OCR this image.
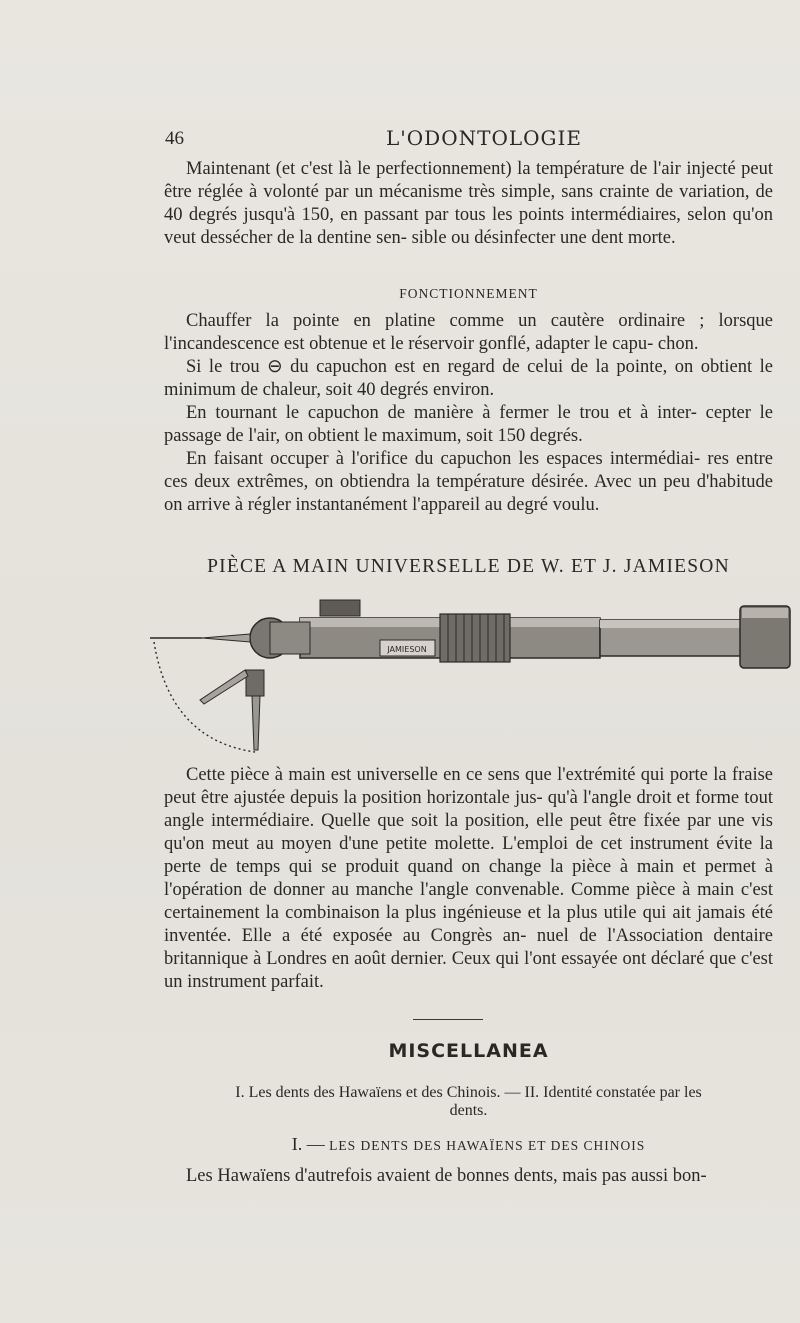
46	L'ODONTOLOGIE

Maintenant (et c'est là le perfectionnement) la température de l'air injecté peut être réglée à volonté par un mécanisme très simple, sans crainte de variation, de 40 degrés jusqu'à 150, en passant par tous les points intermédiaires, selon qu'on veut dessécher de la dentine sen- sible ou désinfecter une dent morte.

FONCTIONNEMENT

Chauffer la pointe en platine comme un cautère ordinaire ; lorsque l'incandescence est obtenue et le réservoir gonflé, adapter le capu- chon.

Si le trou ⊖ du capuchon est en regard de celui de la pointe, on obtient le minimum de chaleur, soit 40 degrés environ.

En tournant le capuchon de manière à fermer le trou et à inter- cepter le passage de l'air, on obtient le maximum, soit 150 degrés.

En faisant occuper à l'orifice du capuchon les espaces intermédiai- res entre ces deux extrêmes, on obtiendra la température désirée. Avec un peu d'habitude on arrive à régler instantanément l'appareil au degré voulu.

PIÈCE A MAIN UNIVERSELLE DE W. ET J. JAMIESON
JAMIESON

Cette pièce à main est universelle en ce sens que l'extrémité qui porte la fraise peut être ajustée depuis la position horizontale jus- qu'à l'angle droit et forme tout angle intermédiaire. Quelle que soit la position, elle peut être fixée par une vis qu'on meut au moyen d'une petite molette. L'emploi de cet instrument évite la perte de temps qui se produit quand on change la pièce à main et permet à l'opération de donner au manche l'angle convenable. Comme pièce à main c'est certainement la combinaison la plus ingénieuse et la plus utile qui ait jamais été inventée. Elle a été exposée au Congrès an- nuel de l'Association dentaire britannique à Londres en août dernier. Ceux qui l'ont essayée ont déclaré que c'est un instrument parfait.

MISCELLANEA
I. Les dents des Hawaïens et des Chinois. — II. Identité constatée par les
dents.
I. — LES DENTS DES HAWAÏENS ET DES CHINOIS

Les Hawaïens d'autrefois avaient de bonnes dents, mais pas aussi bon-
